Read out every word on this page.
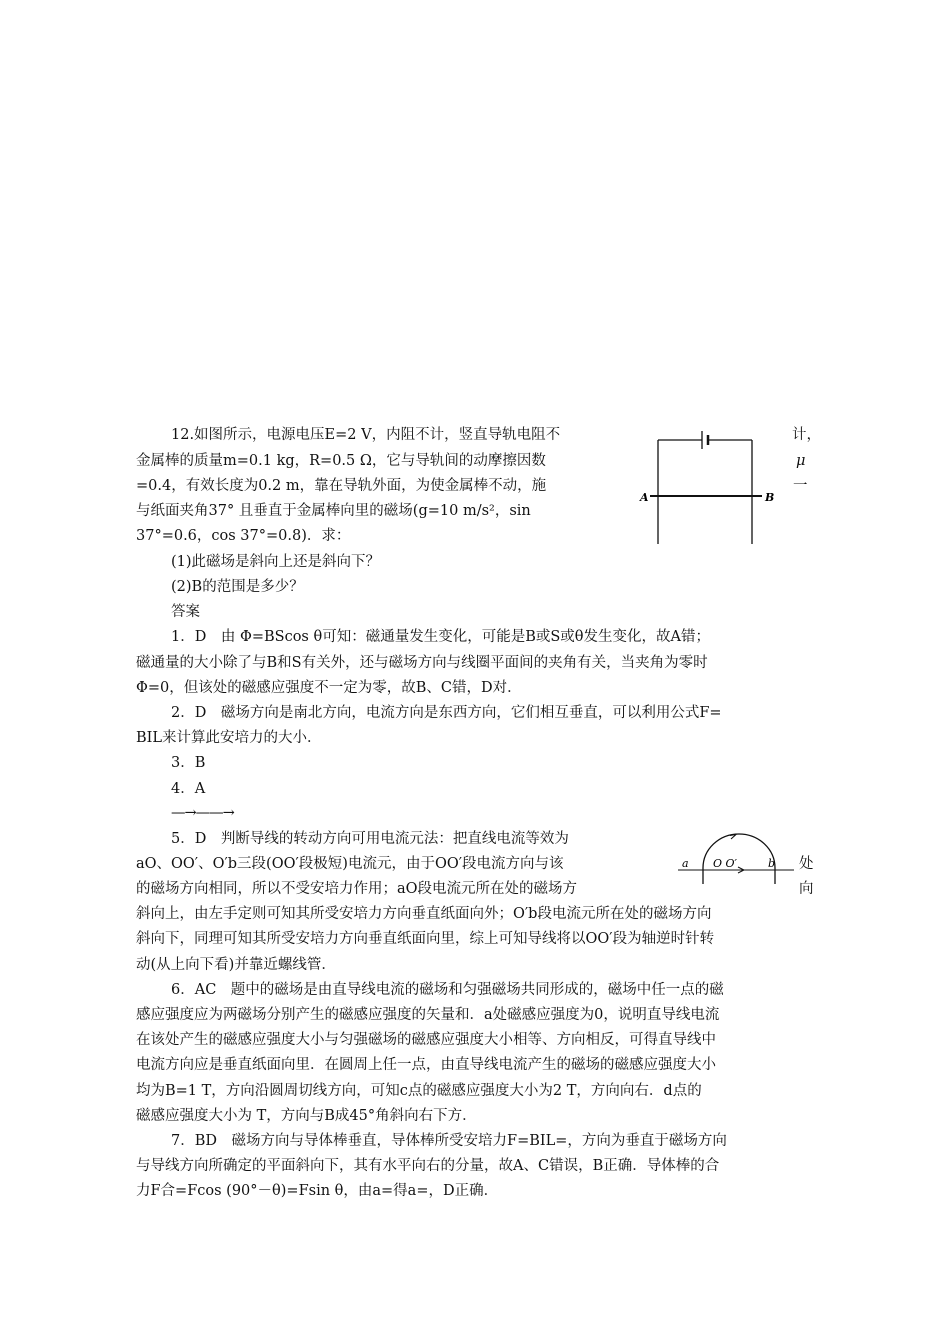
12.如图所示，电源电压E=2 V，内阻不计，竖直导轨电阻不
金属棒的质量m=0.1 kg，R=0.5 Ω，它与导轨间的动摩擦因数
=0.4，有效长度为0.2 m，靠在导轨外面，为使金属棒不动，施
与纸面夹角37° 且垂直于金属棒向里的磁场(g=10 m/s²，sin
37°=0.6，cos 37°=0.8)．求：
计，
μ
一
(1)此磁场是斜向上还是斜向下？
(2)B的范围是多少？
A	B
答案
1．D　由 Φ=BScos θ可知：磁通量发生变化，可能是B或S或θ发生变化，故A错；
磁通量的大小除了与B和S有关外，还与磁场方向与线圈平面间的夹角有关，当夹角为零时
Φ=0，但该处的磁感应强度不一定为零，故B、C错，D对．
2．D　磁场方向是南北方向，电流方向是东西方向，它们相互垂直，可以利用公式F=
BIL来计算此安培力的大小．
3．B
4．A
—→——→
5．D　判断导线的转动方向可用电流元法：把直线电流等效为
aO、OO′、O′b三段(OO′段极短)电流元，由于OO′段电流方向与该
的磁场方向相同，所以不受安培力作用；aO段电流元所在处的磁场方
斜向上，由左手定则可知其所受安培力方向垂直纸面向外；O′b段电流元所在处的磁场方向
斜向下，同理可知其所受安培力方向垂直纸面向里，综上可知导线将以OO′段为轴逆时针转
动(从上向下看)并靠近螺线管．
处
向
a O O′	b
6．AC　题中的磁场是由直导线电流的磁场和匀强磁场共同形成的，磁场中任一点的磁
感应强度应为两磁场分别产生的磁感应强度的矢量和．a处磁感应强度为0，说明直导线电流
在该处产生的磁感应强度大小与匀强磁场的磁感应强度大小相等、方向相反，可得直导线中
电流方向应是垂直纸面向里．在圆周上任一点，由直导线电流产生的磁场的磁感应强度大小
均为B=1 T，方向沿圆周切线方向，可知c点的磁感应强度大小为2 T，方向向右．d点的
磁感应强度大小为 T，方向与B成45°角斜向右下方．
7．BD　磁场方向与导体棒垂直，导体棒所受安培力F=BIL=，方向为垂直于磁场方向
与导线方向所确定的平面斜向下，其有水平向右的分量，故A、C错误，B正确．导体棒的合
力F合=Fcos (90°－θ)=Fsin θ，由a=得a=，D正确．
